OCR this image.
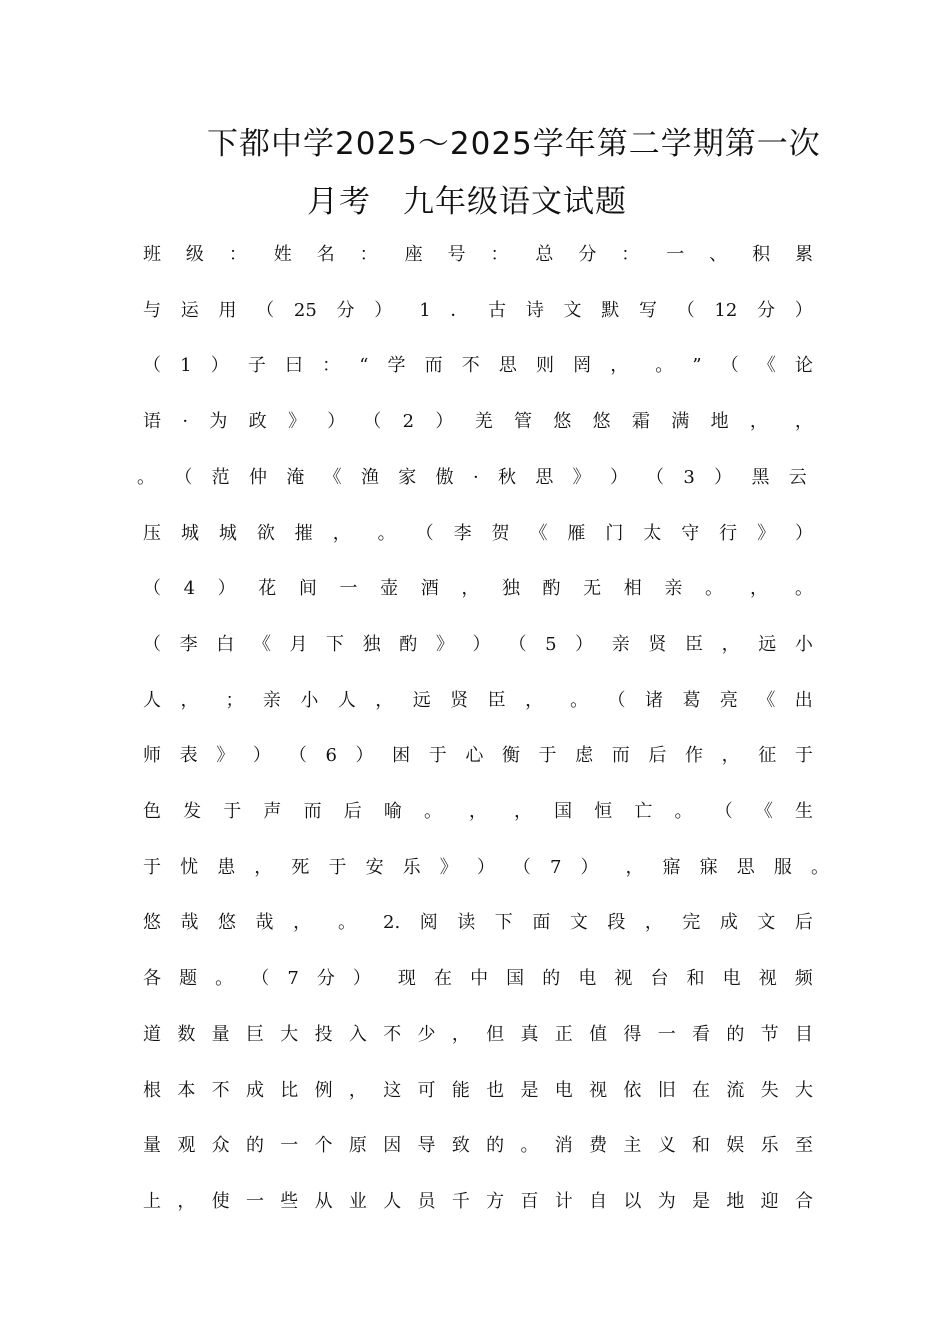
下都中学2025～2025学年第二学期第一次
月考　九年级语文试题
班 级 ：　　姓 名 ：　　座 号 ：　　总 分 ：　　一 、 积 累
与 运 用 （ 25 分 ）　　1 ． 古 诗 文 默 写 （ 12 分 ）
（ 1 ） 子 曰 ： “ 学 而 不 思 则 罔 ，　　。 ” （ 《 论
语 · 为 政 》 ）　　（ 2 ） 羌 管 悠 悠 霜 满 地 ，　　，
。 （ 范 仲 淹 《 渔 家 傲 · 秋 思 》 ）　　（ 3 ） 黑 云
压 城 城 欲 摧 ，　　。 （ 李 贺 《 雁 门 太 守 行 》 ）
（ 4 ） 花 间 一 壶 酒 ， 独 酌 无 相 亲 。　　，　　。
（ 李 白 《 月 下 独 酌 》 ）　　（ 5 ） 亲 贤 臣 ， 远 小
人 ，　　； 亲 小 人 ， 远 贤 臣 ，　　。 （ 诸 葛 亮 《 出
师 表 》 ）　　（ 6 ） 困 于 心 衡 于 虑 而 后 作 ， 征 于
色 发 于 声 而 后 喻 。　　，　　， 国 恒 亡 。 （ 《 生
于 忧 患 ， 死 于 安 乐 》 ）　　（ 7 ）　　， 寤 寐 思 服 。
悠 哉 悠 哉 ，　　。　　2. 阅 读 下 面 文 段 ， 完 成 文 后
各 题 。 （ 7 分 ）　　现 在 中 国 的 电 视 台 和 电 视 频
道 数 量 巨 大 投 入 不 少 ， 但 真 正 值 得 一 看 的 节 目
根 本 不 成 比 例 ， 这 可 能 也 是 电 视 依 旧 在 流 失 大
量 观 众 的 一 个 原 因 导 致 的 。 消 费 主 义 和 娱 乐 至
上 ， 使 一 些 从 业 人 员 千 方 百 计 自 以 为 是 地 迎 合
